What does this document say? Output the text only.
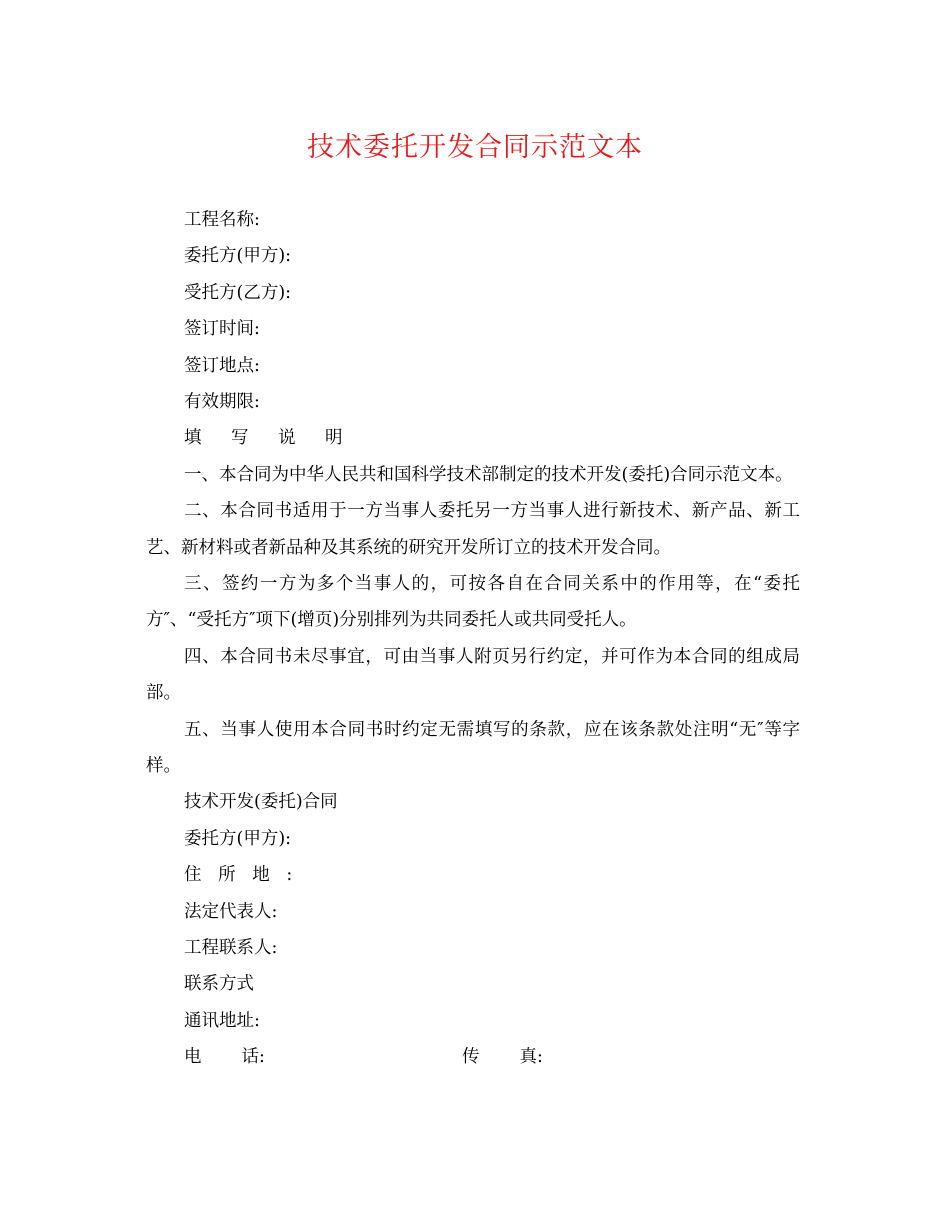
技术委托开发合同示范文本
工程名称:
委托方(甲方):
受托方(乙方):
签订时间:
签订地点:
有效期限:
填  写  说  明
一、本合同为中华人民共和国科学技术部制定的技术开发(委托)合同示范文本。
二、本合同书适用于一方当事人委托另一方当事人进行新技术、新产品、新工艺、新材料或者新品种及其系统的研究开发所订立的技术开发合同。
三、签约一方为多个当事人的，可按各自在合同关系中的作用等，在“委托方″、“受托方″项下(增页)分别排列为共同委托人或共同受托人。
四、本合同书未尽事宜，可由当事人附页另行约定，并可作为本合同的组成局部。
五、当事人使用本合同书时约定无需填写的条款，应在该条款处注明“无″等字样。
技术开发(委托)合同
委托方(甲方):
住所地:
法定代表人:
工程联系人:
联系方式
通讯地址:
电 话:	传 真:
